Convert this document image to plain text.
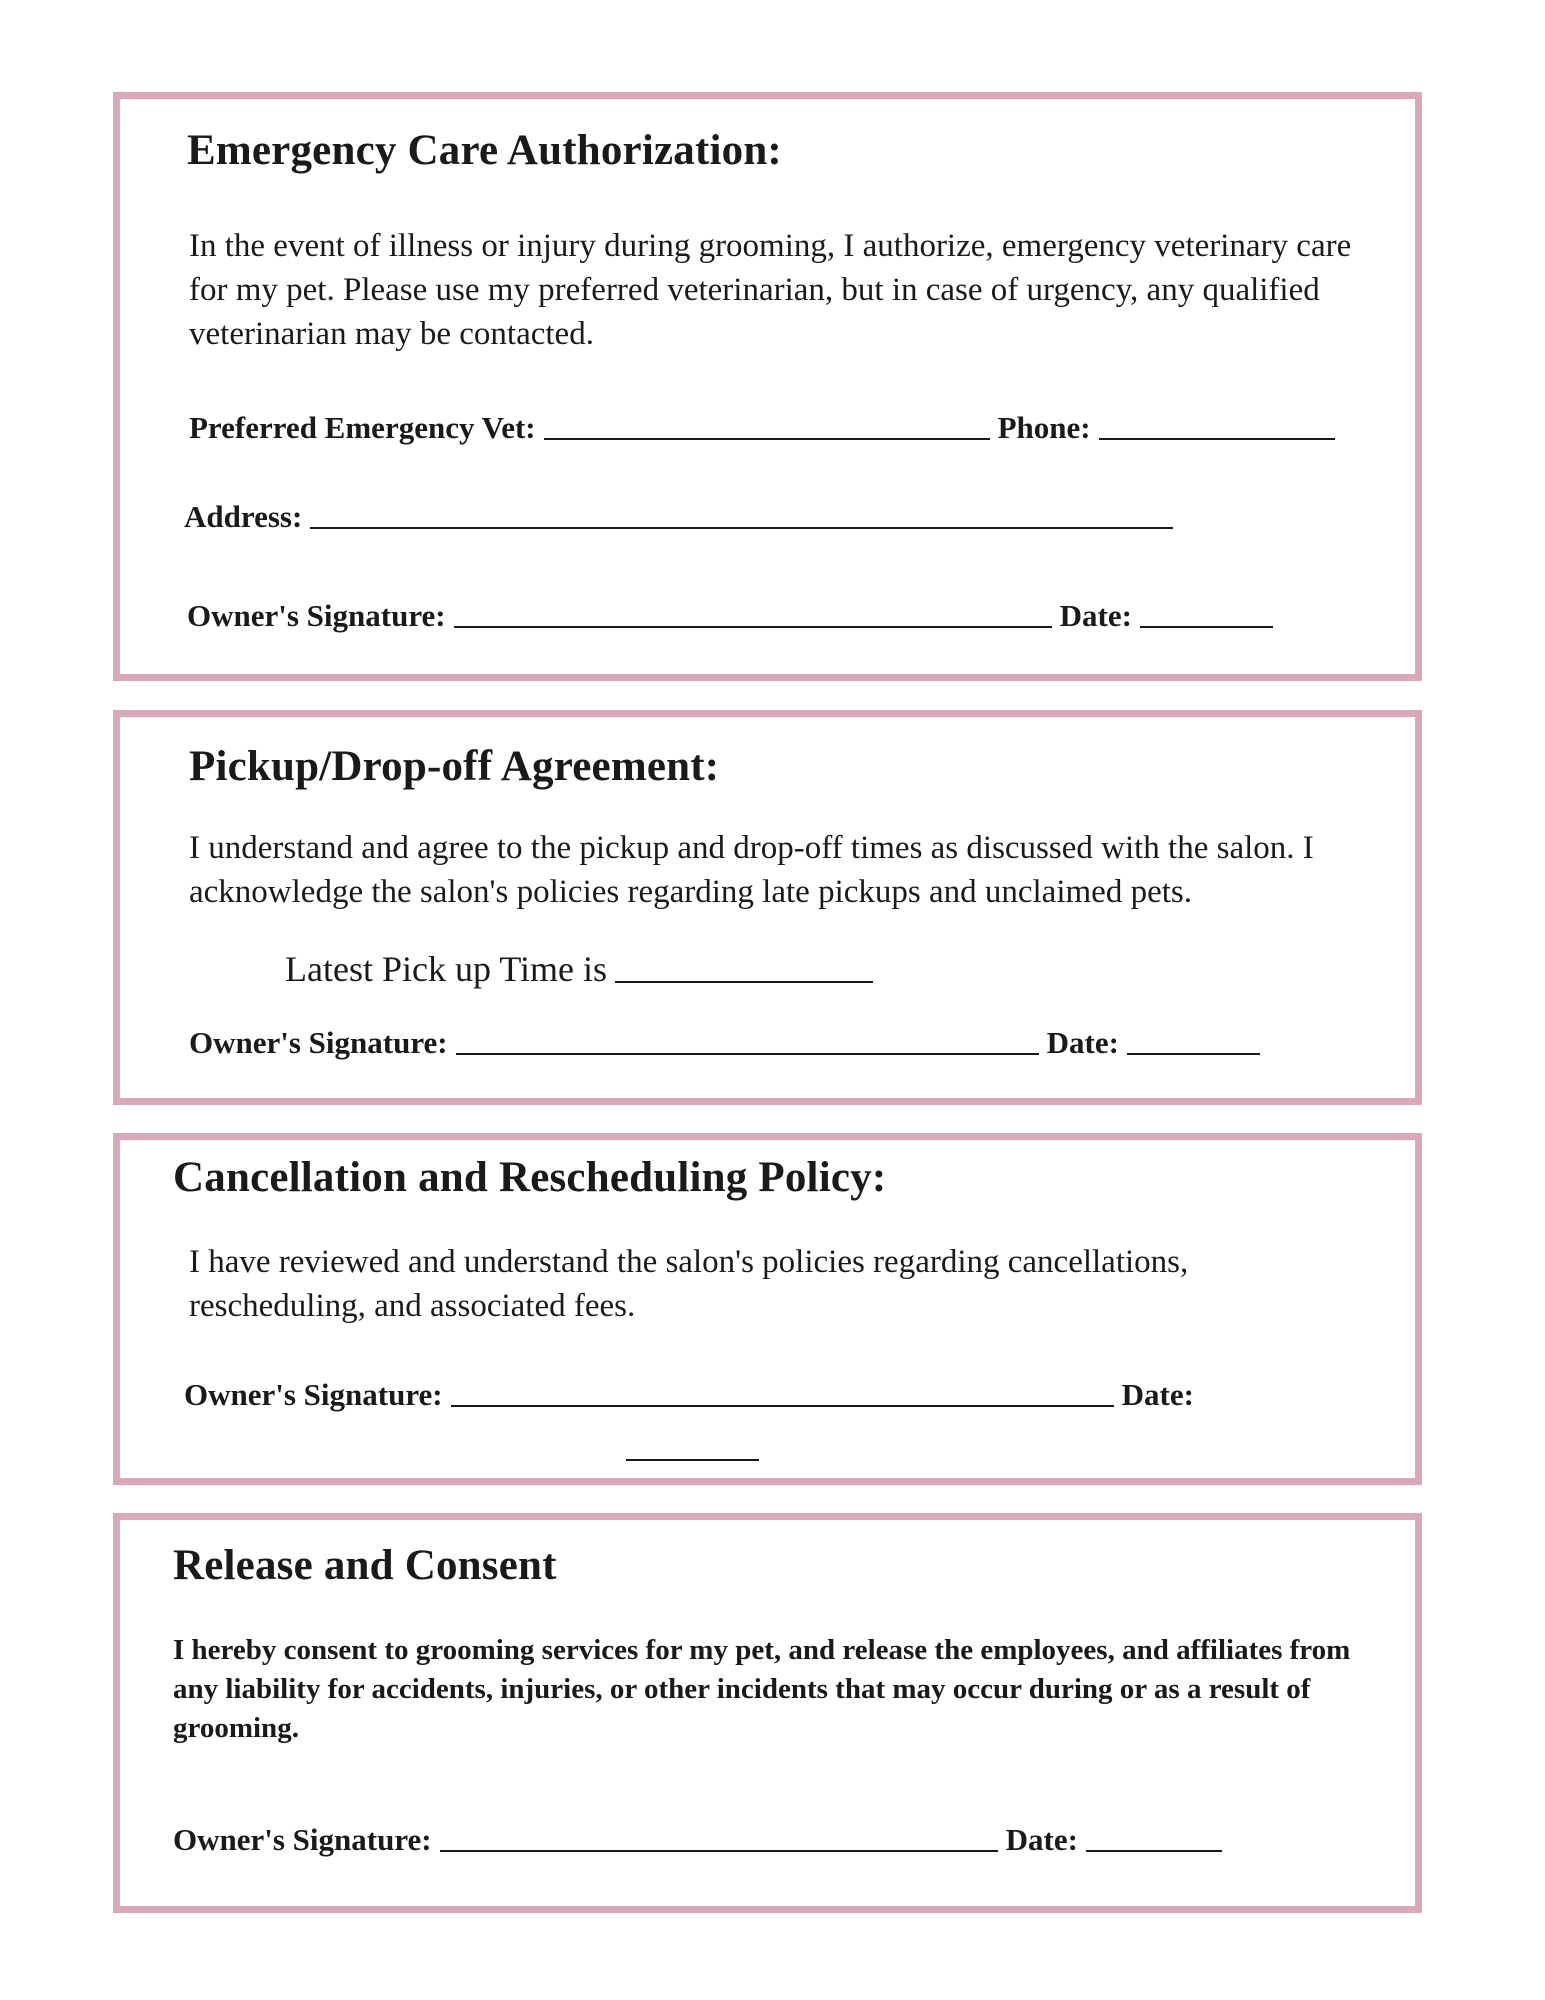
Emergency Care Authorization:
In the event of illness or injury during grooming, I authorize, emergency veterinary care for my pet. Please use my preferred veterinarian, but in case of urgency, any qualified veterinarian may be contacted.
Preferred Emergency Vet:	Phone:
Address:
Owner's Signature:	Date:
Pickup/Drop-off Agreement:
I understand and agree to the pickup and drop-off times as discussed with the salon. I acknowledge the salon's policies regarding late pickups and unclaimed pets.
Latest Pick up Time is
Owner's Signature:	Date:
Cancellation and Rescheduling Policy:
I have reviewed and understand the salon's policies regarding cancellations, rescheduling, and associated fees.
Owner's Signature:	Date:
Release and Consent
I hereby consent to grooming services for my pet, and release the employees, and affiliates from any liability for accidents, injuries, or other incidents that may occur during or as a result of grooming.
Owner's Signature:	Date:
